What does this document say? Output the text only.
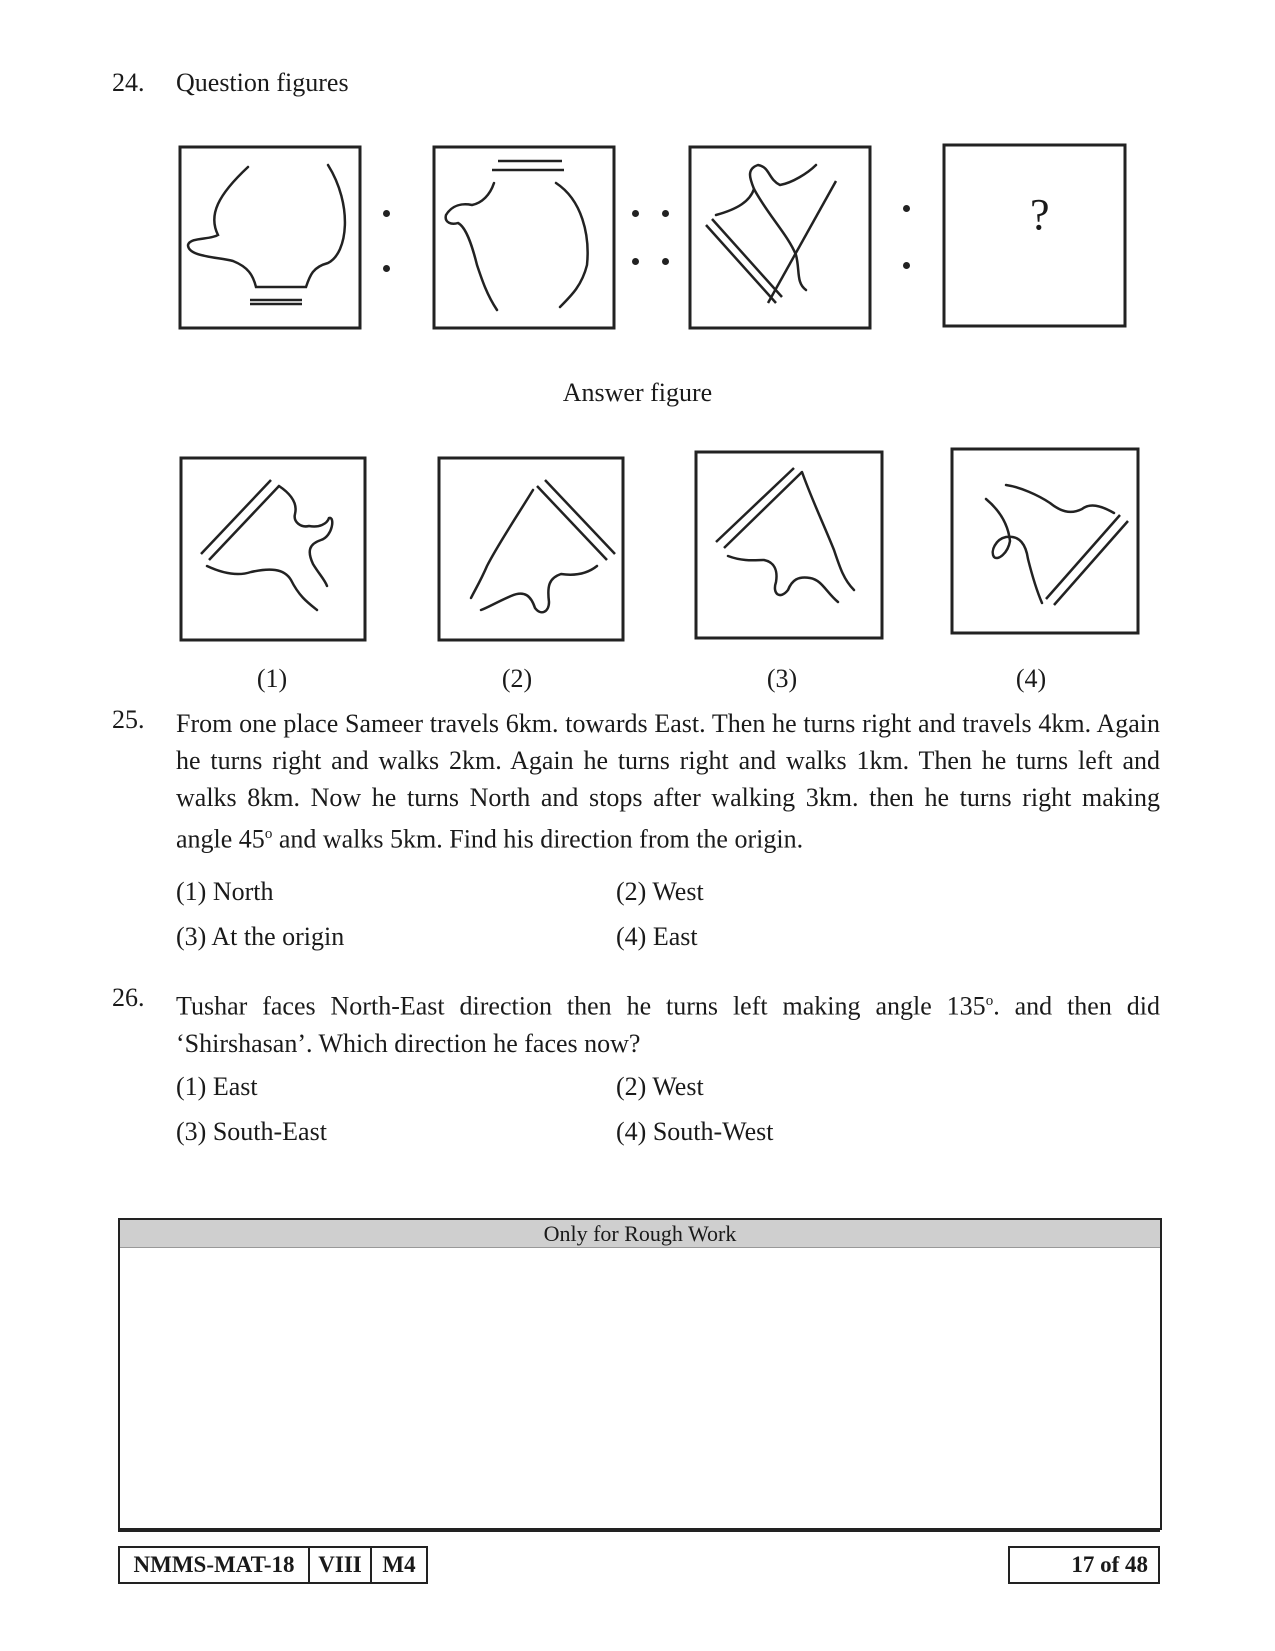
24. Question figures
?
Answer figure
(1)	(2)	(3)	(4)
25. From one place Sameer travels 6km. towards East. Then he turns right and travels 4km. Again he turns right and walks 2km. Again he turns right and walks 1km. Then he turns left and walks 8km. Now he turns North and stops after walking 3km. then he turns right making angle 45$^o$ and walks 5km. Find his direction from the origin.
(1) North	(2) West
(3) At the origin	(4) East
26. Tushar faces North-East direction then he turns left making angle 135$^o$. and then did ‘Shirshasan’. Which direction he faces now?
(1) East	(2) West
(3) South-East	(4) South-West
Only for Rough Work
NMMS-MAT-18	VIII M4	17 of 48
